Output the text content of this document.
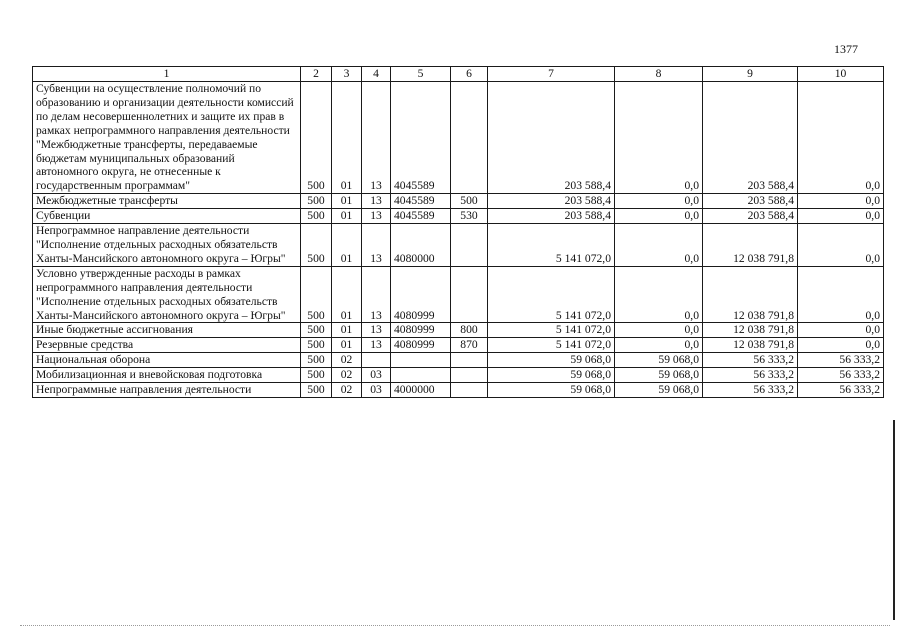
1377
1	2	3	4	5	6	7	8	9	10
Субвенции на осуществление полномочий по образованию и организации деятельности комиссий по делам несовершеннолетних и защите их прав в рамках непрограммного направления деятельности "Межбюджетные трансферты, передаваемые бюджетам муниципальных образований автономного округа, не отнесенные к государственным программам"	500	01	13	4045589		203 588,4	0,0	203 588,4	0,0
Межбюджетные трансферты	500	01	13	4045589	500	203 588,4	0,0	203 588,4	0,0
Субвенции	500	01	13	4045589	530	203 588,4	0,0	203 588,4	0,0
Непрограммное направление деятельности "Исполнение отдельных расходных обязательств Ханты-Мансийского автономного округа – Югры"	500	01	13	4080000		5 141 072,0	0,0	12 038 791,8	0,0
Условно утвержденные расходы в рамках непрограммного направления деятельности "Исполнение отдельных расходных обязательств Ханты-Мансийского автономного округа – Югры"	500	01	13	4080999		5 141 072,0	0,0	12 038 791,8	0,0
Иные бюджетные ассигнования	500	01	13	4080999	800	5 141 072,0	0,0	12 038 791,8	0,0
Резервные средства	500	01	13	4080999	870	5 141 072,0	0,0	12 038 791,8	0,0
Национальная оборона	500	02				59 068,0	59 068,0	56 333,2	56 333,2
Мобилизационная и вневойсковая подготовка	500	02	03			59 068,0	59 068,0	56 333,2	56 333,2
Непрограммные направления деятельности	500	02	03	4000000		59 068,0	59 068,0	56 333,2	56 333,2
